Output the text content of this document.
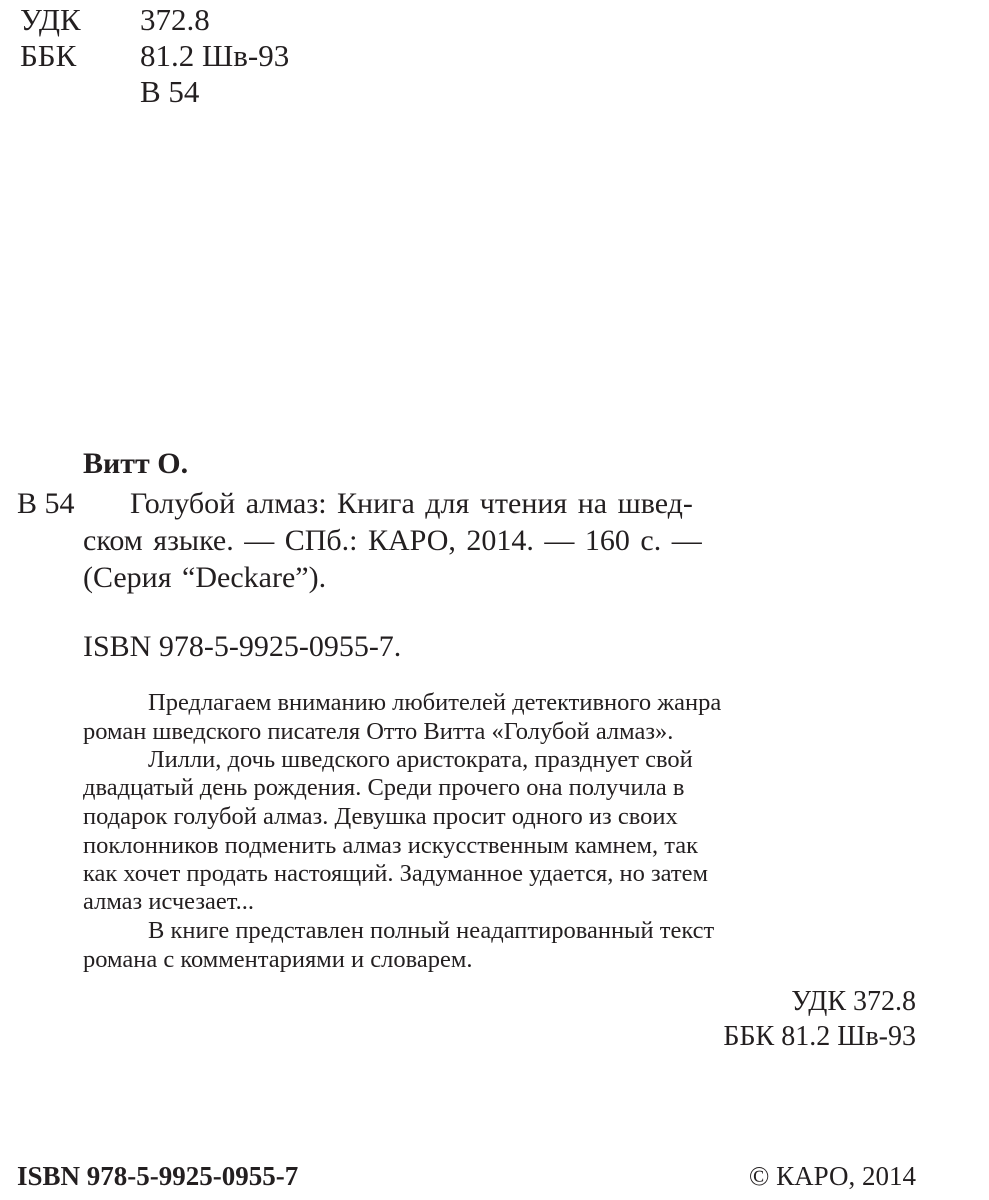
УДК 372.8
ББК 81.2 Шв-93
В 54
Витт О.
В 54 Голубой алмаз: Книга для чтения на швед-
ском языке. — СПб.: КАРО, 2014. — 160 с. —
(Серия “Deckare”).
ISBN 978-5-9925-0955-7.
Предлагаем вниманию любителей детективного жанра
роман шведского писателя Отто Витта «Голубой алмаз».
Лилли, дочь шведского аристократа, празднует свой
двадцатый день рождения. Среди прочего она получила в
подарок голубой алмаз. Девушка просит одного из своих
поклонников подменить алмаз искусственным камнем, так
как хочет продать настоящий. Задуманное удается, но затем
алмаз исчезает...
В книге представлен полный неадаптированный текст
романа с комментариями и словарем.
УДК 372.8
ББК 81.2 Шв-93
ISBN 978-5-9925-0955-7	© КАРО, 2014
